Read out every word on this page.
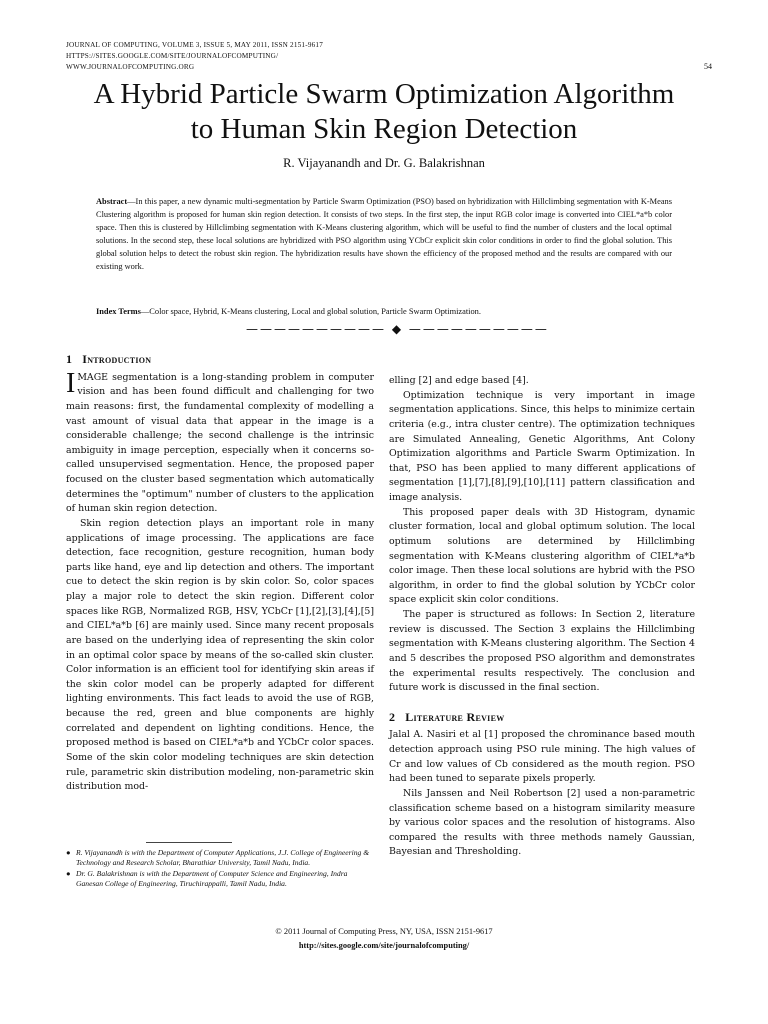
JOURNAL OF COMPUTING, VOLUME 3, ISSUE 5, MAY 2011, ISSN 2151-9617
HTTPS://SITES.GOOGLE.COM/SITE/JOURNALOFCOMPUTING/
WWW.JOURNALOFCOMPUTING.ORG	54
A Hybrid Particle Swarm Optimization Algorithm
to Human Skin Region Detection
R. Vijayanandh and Dr. G. Balakrishnan
Abstract—In this paper, a new dynamic multi-segmentation by Particle Swarm Optimization (PSO) based on hybridization with Hillclimbing segmentation with K-Means Clustering algorithm is proposed for human skin region detection. It consists of two steps. In the first step, the input RGB color image is converted into CIEL*a*b color space. Then this is clustered by Hillclimbing segmentation with K-Means clustering algorithm, which will be useful to find the number of clusters and the local optimal solutions. In the second step, these local solutions are hybridized with PSO algorithm using YCbCr explicit skin color conditions in order to find the global solution. This global solution helps to detect the robust skin region. The hybridization results have shown the efficiency of the proposed method and the results are compared with our existing work.
Index Terms—Color space, Hybrid, K-Means clustering, Local and global solution, Particle Swarm Optimization.
—————————— ◆ ——————————
1 Introduction

IMAGE segmentation is a long-standing problem in computer vision and has been found difficult and challenging for two main reasons: first, the fundamental complexity of modelling a vast amount of visual data that appear in the image is a considerable challenge; the second challenge is the intrinsic ambiguity in image perception, especially when it concerns so-called unsupervised segmentation. Hence, the proposed paper focused on the cluster based segmentation which automatically determines the "optimum" number of clusters to the application of human skin region detection.

Skin region detection plays an important role in many applications of image processing. The applications are face detection, face recognition, gesture recognition, human body parts like hand, eye and lip detection and others. The important cue to detect the skin region is by skin color. So, color spaces play a major role to detect the skin region. Different color spaces like RGB, Normalized RGB, HSV, YCbCr [1],[2],[3],[4],[5] and CIEL*a*b [6] are mainly used. Since many recent proposals are based on the underlying idea of representing the skin color in an optimal color space by means of the so-called skin cluster. Color information is an efficient tool for identifying skin areas if the skin color model can be properly adapted for different lighting environments. This fact leads to avoid the use of RGB, because the red, green and blue components are highly correlated and dependent on lighting conditions. Hence, the proposed method is based on CIEL*a*b and YCbCr color spaces. Some of the skin color modeling techniques are skin detection rule, parametric skin distribution modeling, non-parametric skin distribution mod-

elling [2] and edge based [4].

Optimization technique is very important in image segmentation applications. Since, this helps to minimize certain criteria (e.g., intra cluster centre). The optimization techniques are Simulated Annealing, Genetic Algorithms, Ant Colony Optimization algorithms and Particle Swarm Optimization. In that, PSO has been applied to many different applications of segmentation [1],[7],[8],[9],[10],[11] pattern classification and image analysis.

This proposed paper deals with 3D Histogram, dynamic cluster formation, local and global optimum solution. The local optimum solutions are determined by Hillclimbing segmentation with K-Means clustering algorithm of CIEL*a*b color image. Then these local solutions are hybrid with the PSO algorithm, in order to find the global solution by YCbCr color space explicit skin color conditions.

The paper is structured as follows: In Section 2, literature review is discussed. The Section 3 explains the Hillclimbing segmentation with K-Means clustering algorithm. The Section 4 and 5 describes the proposed PSO algorithm and demonstrates the experimental results respectively. The conclusion and future work is discussed in the final section.

2 Literature Review

Jalal A. Nasiri et al [1] proposed the chrominance based mouth detection approach using PSO rule mining. The high values of Cr and low values of Cb considered as the mouth region. PSO had been tuned to separate pixels properly.

Nils Janssen and Neil Robertson [2] used a non-parametric classification scheme based on a histogram similarity measure by various color spaces and the resolution of histograms. Also compared the results with three methods namely Gaussian, Bayesian and Thresholding.

● R. Vijayanandh is with the Department of Computer Applications, J.J. College of Engineering & Technology and Research Scholar, Bharathiar University, Tamil Nadu, India.
● Dr. G. Balakrishnan is with the Department of Computer Science and Engineering, Indra Ganesan College of Engineering, Tiruchirappalli, Tamil Nadu, India.
© 2011 Journal of Computing Press, NY, USA, ISSN 2151-9617
http://sites.google.com/site/journalofcomputing/
